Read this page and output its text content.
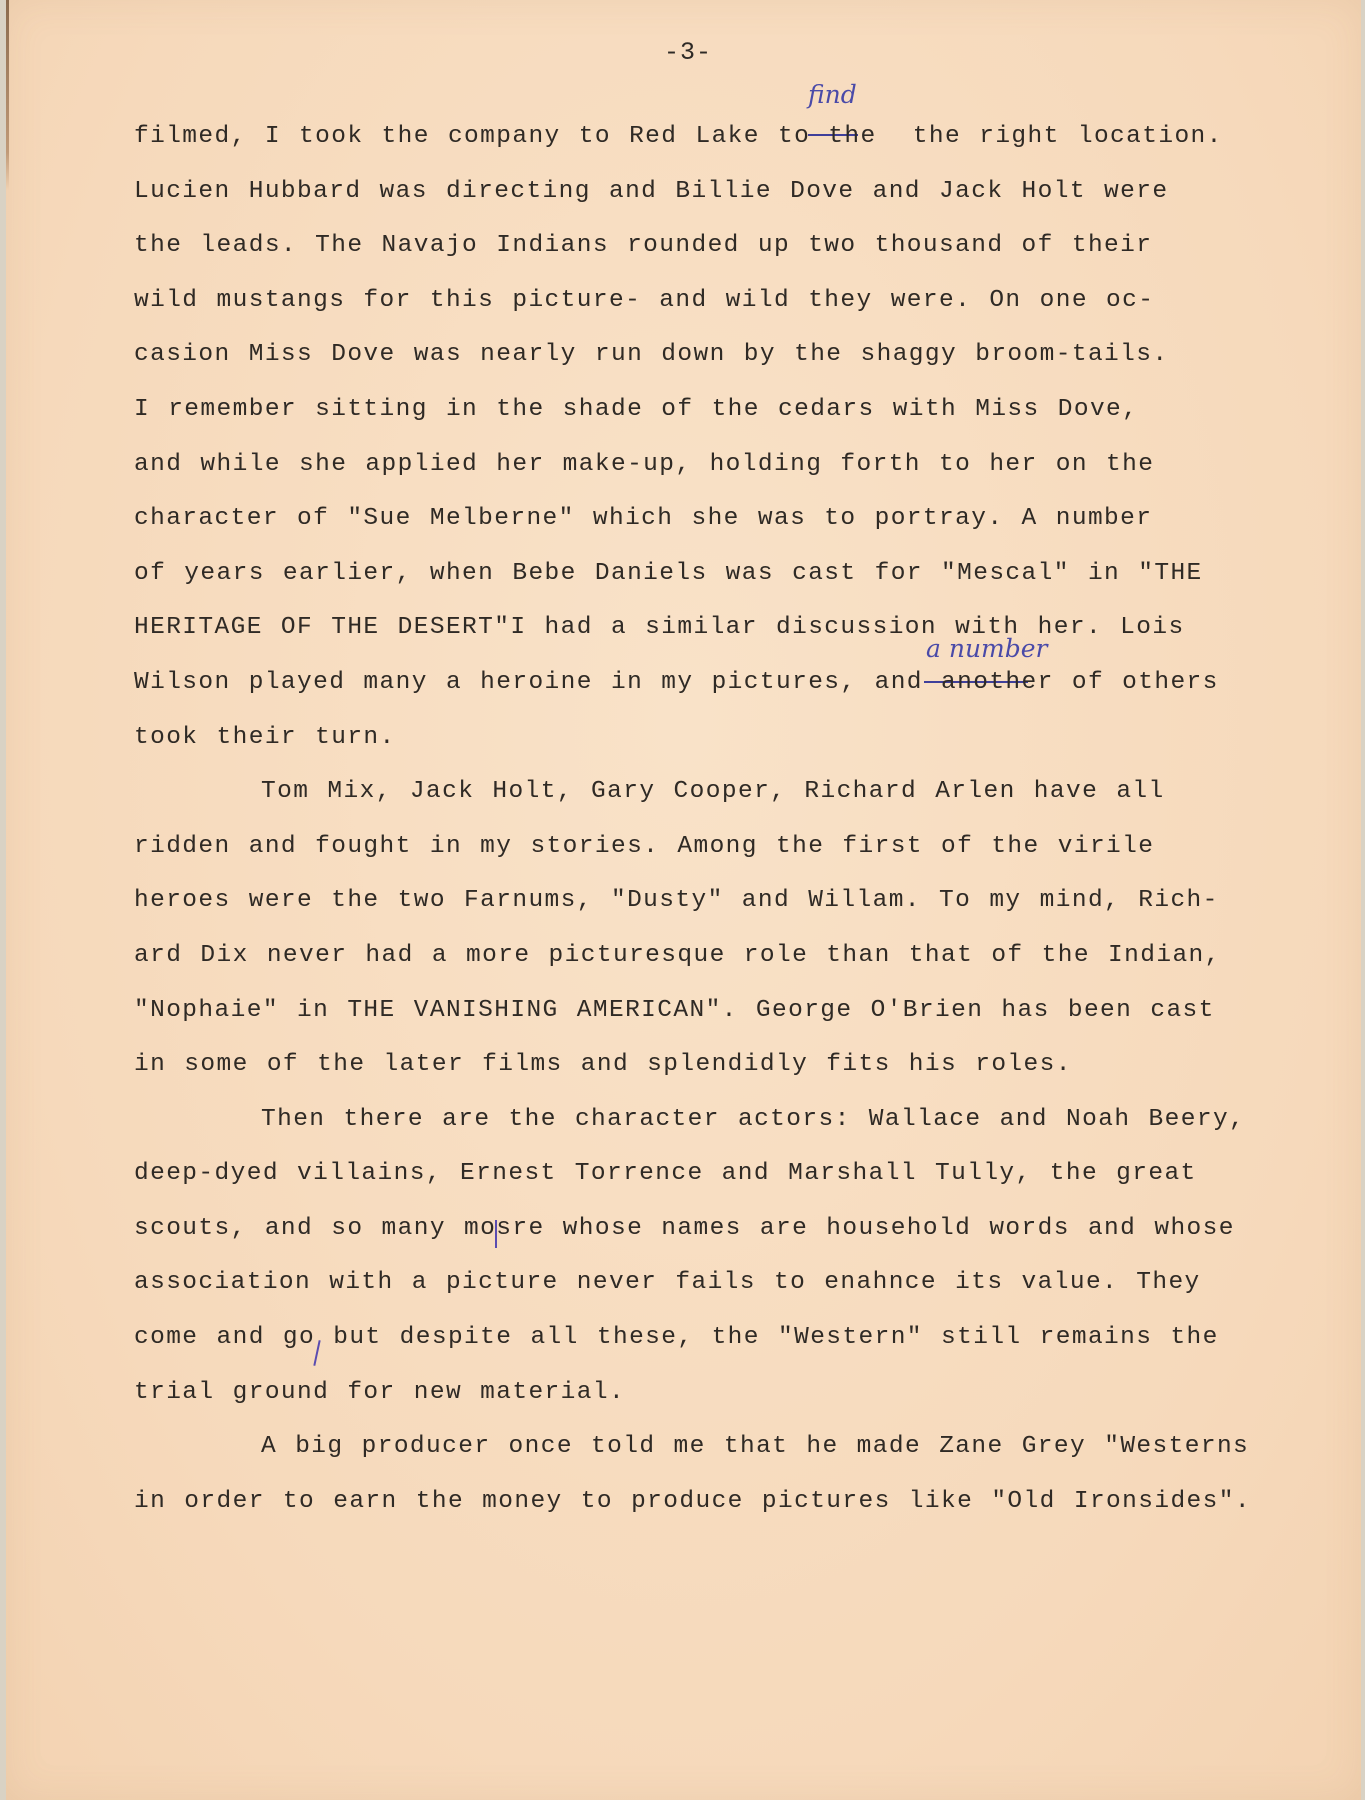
-3-
find
a number
filmed, I took the company to Red Lake to the  the right location.
Lucien Hubbard was directing and Billie Dove and Jack Holt were
the leads. The Navajo Indians rounded up two thousand of their
wild mustangs for this picture- and wild they were. On one oc-
casion Miss Dove was nearly run down by the shaggy broom-tails.
I remember sitting in the shade of the cedars with Miss Dove,
and while she applied her make-up, holding forth to her on the
character of "Sue Melberne" which she was to portray. A number
of years earlier, when Bebe Daniels was cast for "Mescal" in "THE
HERITAGE OF THE DESERT"I had a similar discussion with her. Lois
Wilson played many a heroine in my pictures, and another of others
took their turn.
Tom Mix, Jack Holt, Gary Cooper, Richard Arlen have all
ridden and fought in my stories. Among the first of the virile
heroes were the two Farnums, "Dusty" and Willam. To my mind, Rich-
ard Dix never had a more picturesque role than that of the Indian,
"Nophaie" in THE VANISHING AMERICAN". George O'Brien has been cast
in some of the later films and splendidly fits his roles.
Then there are the character actors: Wallace and Noah Beery,
deep-dyed villains, Ernest Torrence and Marshall Tully, the great
scouts, and so many mosre whose names are household words and whose
association with a picture never fails to enahnce its value. They
come and go but despite all these, the "Western" still remains the
trial ground for new material.
A big producer once told me that he made Zane Grey "Westerns
in order to earn the money to produce pictures like "Old Ironsides".
